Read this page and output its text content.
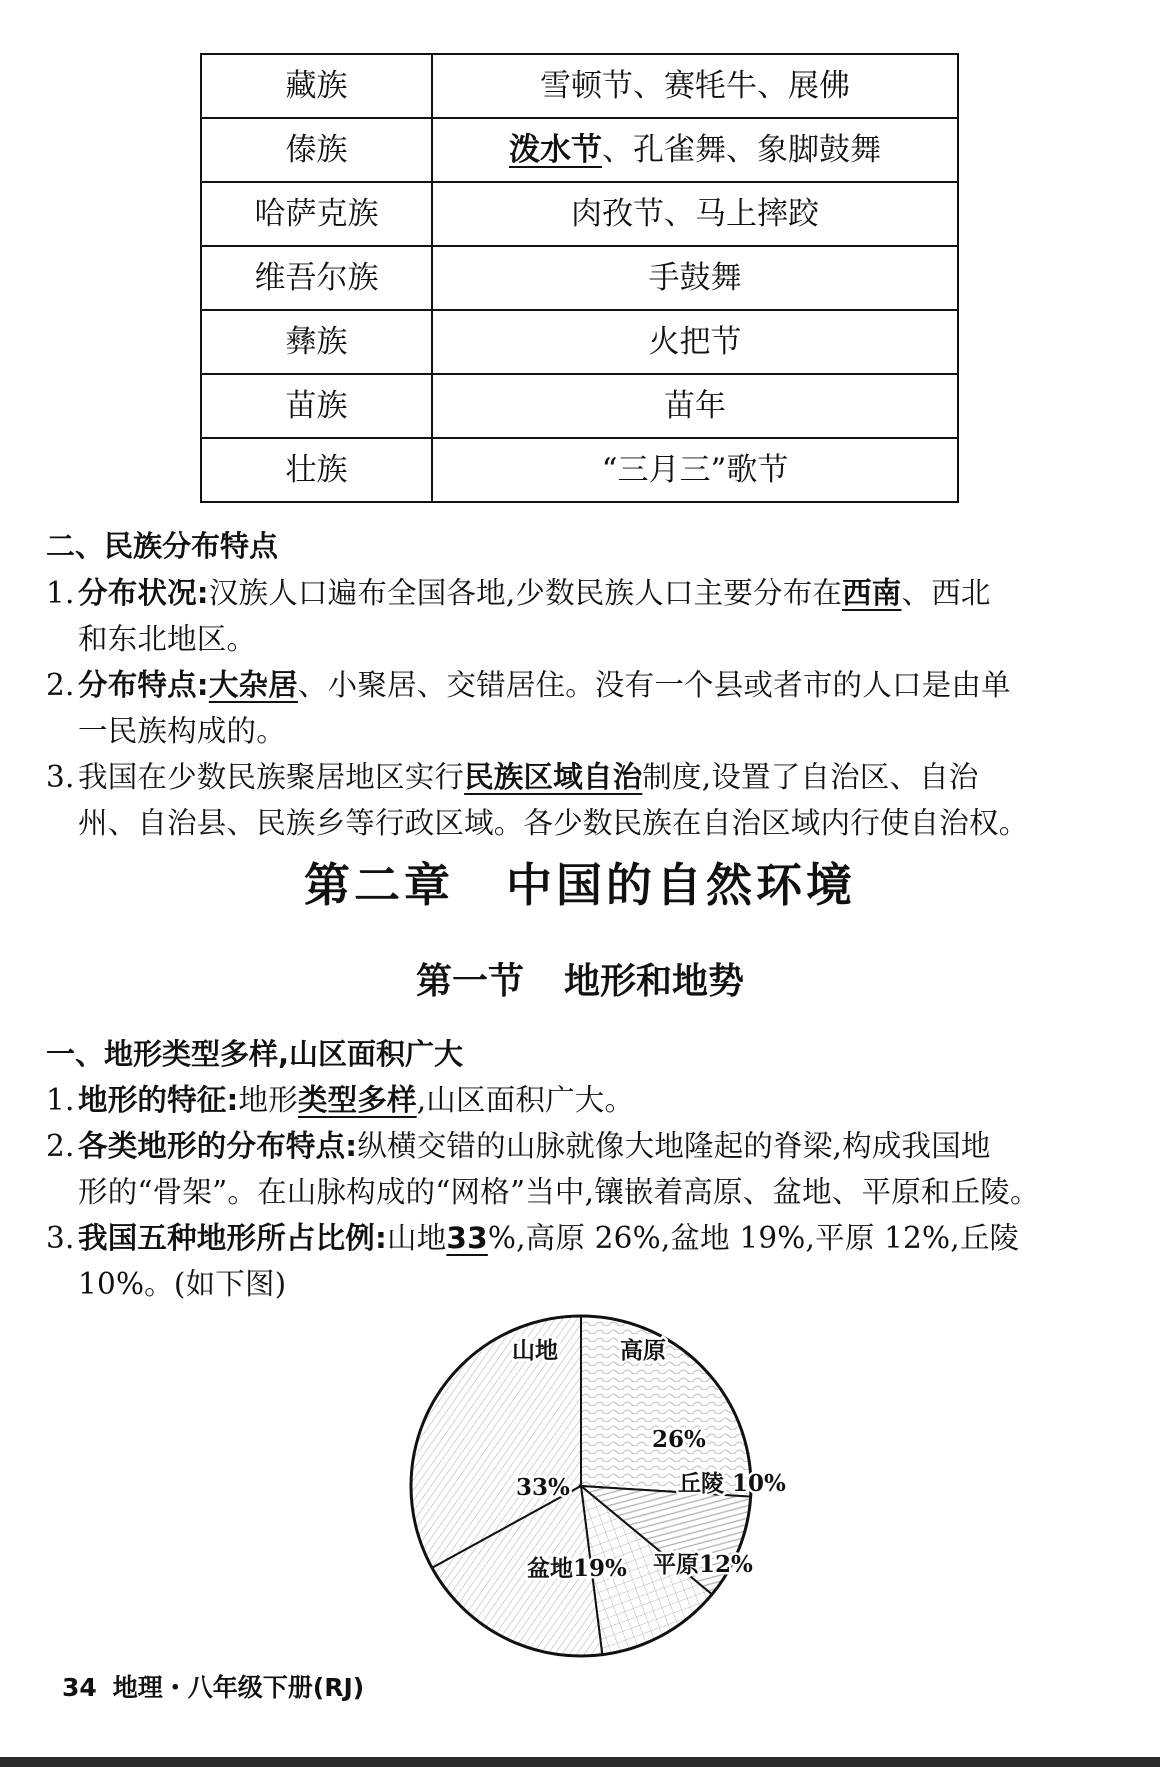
藏族	雪顿节、赛牦牛、展佛
傣族	泼水节、孔雀舞、象脚鼓舞
哈萨克族	肉孜节、马上摔跤
维吾尔族	手鼓舞
彝族	火把节
苗族	苗年
壮族	“三月三”歌节
二、民族分布特点
1. 分布状况:汉族人口遍布全国各地,少数民族人口主要分布在西南、西北
和东北地区。
2. 分布特点:大杂居、小聚居、交错居住。没有一个县或者市的人口是由单
一民族构成的。
3. 我国在少数民族聚居地区实行民族区域自治制度,设置了自治区、自治
州、自治县、民族乡等行政区域。各少数民族在自治区域内行使自治权。
第二章 中国的自然环境
第一节 地形和地势
一、地形类型多样,山区面积广大
1. 地形的特征:地形类型多样,山区面积广大。
2. 各类地形的分布特点:纵横交错的山脉就像大地隆起的脊梁,构成我国地
形的“骨架”。在山脉构成的“网格”当中,镶嵌着高原、盆地、平原和丘陵。
3. 我国五种地形所占比例:山地33%,高原 26%,盆地 19%,平原 12%,丘陵
10%。(如下图)
山地
33%
高原
26%
丘陵 10%
平原12%
盆地19%
34 地理・八年级下册(RJ)
